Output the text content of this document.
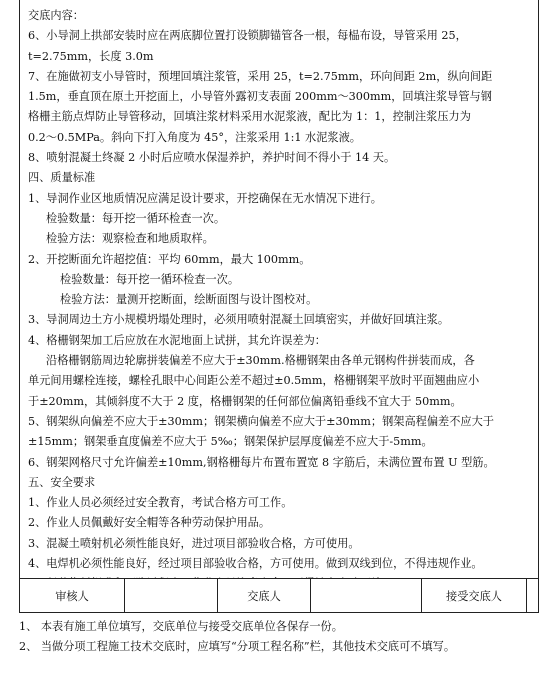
交底内容：
6、小导洞上拱部安装时应在两底脚位置打设锁脚锚管各一根，每榀布设，导管采用 25，
t=2.75mm，长度 3.0m
7、在施做初支小导管时，预埋回填注浆管，采用 25，t=2.75mm，环向间距 2m，纵向间距
1.5m，垂直顶在原土开挖面上，小导管外露初支表面 200mm～300mm，回填注浆导管与钢
格栅主筋点焊防止导管移动，回填注浆材料采用水泥浆液，配比为 1：1，控制注浆压力为
0.2～0.5MPa。斜向下打入角度为 45°，注浆采用 1:1 水泥浆液。
8、喷射混凝土终凝 2 小时后应喷水保湿养护，养护时间不得小于 14 天。
四、质量标准
1、导洞作业区地质情况应满足设计要求，开挖确保在无水情况下进行。
检验数量：每开挖一循环检查一次。
检验方法：观察检查和地质取样。
2、开挖断面允许超挖值：平均 60mm，最大 100mm。
检验数量：每开挖一循环检查一次。
检验方法：量测开挖断面，绘断面图与设计图校对。
3、导洞周边土方小规模坍塌处理时，必须用喷射混凝土回填密实，并做好回填注浆。
4、格栅钢架加工后应放在水泥地面上试拼，其允许误差为：
沿格栅钢筋周边轮廓拼装偏差不应大于±30mm.格栅钢架由各单元钢构件拼装而成，各
单元间用螺栓连接，螺栓孔眼中心间距公差不超过±0.5mm，格栅钢架平放时平面翘曲应小
于±20mm，其倾斜度不大于 2 度，格栅钢架的任何部位偏离铅垂线不宜大于 50mm。
5、钢架纵向偏差不应大于±30mm；钢架横向偏差不应大于±30mm；钢架高程偏差不应大于
±15mm；钢架垂直度偏差不应大于 5‰；钢架保护层厚度偏差不应大于-5mm。
6、钢架网格尺寸允许偏差±10mm,钢格栅每片布置布置宽 8 字筋后，未满位置布置 U 型筋。
五、安全要求
1、作业人员必须经过安全教育，考试合格方可工作。
2、作业人员佩戴好安全帽等各种劳动保护用品。
3、混凝土喷射机必须性能良好，进过项目部验收合格，方可使用。
4、电焊机必须性能良好，经过项目部验收合格，方可使用。做到双线到位，不得违规作业。
审核人	交底人	接受交底人
1、 本表有施工单位填写，交底单位与接受交底单位各保存一份。
2、 当做分项工程施工技术交底时，应填写“分项工程名称”栏，其他技术交底可不填写。
